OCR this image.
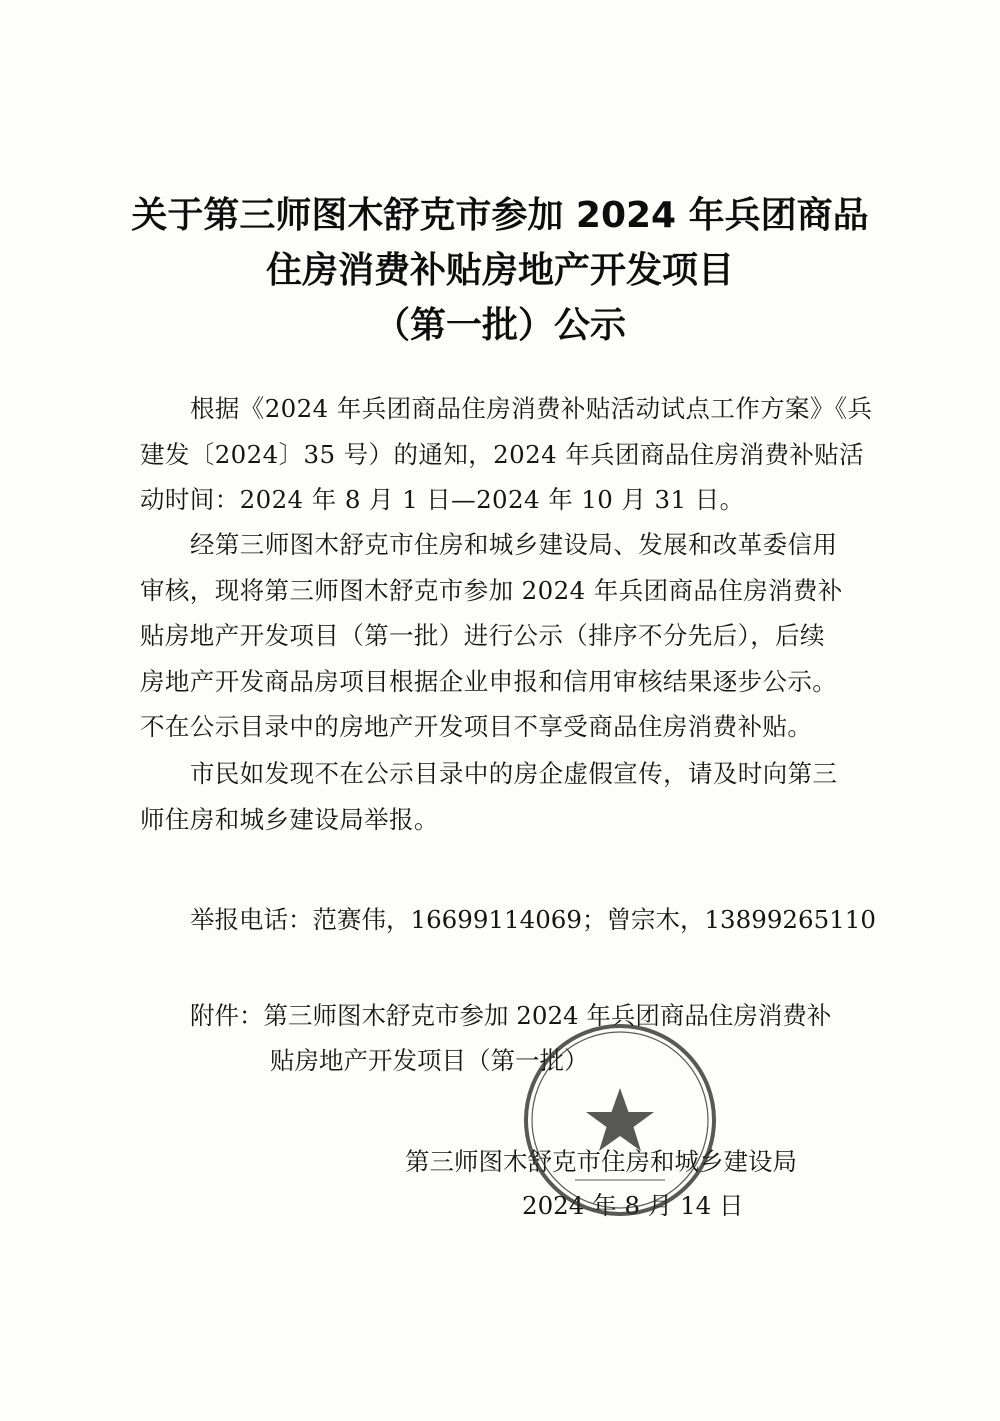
关于第三师图木舒克市参加 2024 年兵团商品
住房消费补贴房地产开发项目
（第一批）公示
根据《2024 年兵团商品住房消费补贴活动试点工作方案》《兵
建发〔2024〕35 号）的通知，2024 年兵团商品住房消费补贴活
动时间：2024 年 8 月 1 日—2024 年 10 月 31 日。
经第三师图木舒克市住房和城乡建设局、发展和改革委信用
审核，现将第三师图木舒克市参加 2024 年兵团商品住房消费补
贴房地产开发项目（第一批）进行公示（排序不分先后），后续
房地产开发商品房项目根据企业申报和信用审核结果逐步公示。
不在公示目录中的房地产开发项目不享受商品住房消费补贴。
市民如发现不在公示目录中的房企虚假宣传，请及时向第三
师住房和城乡建设局举报。
举报电话：范赛伟，16699114069；曾宗木，13899265110
附件：第三师图木舒克市参加 2024 年兵团商品住房消费补
贴房地产开发项目（第一批）
第三师图木舒克市住房和城乡建设局
2024 年 8 月 14 日
